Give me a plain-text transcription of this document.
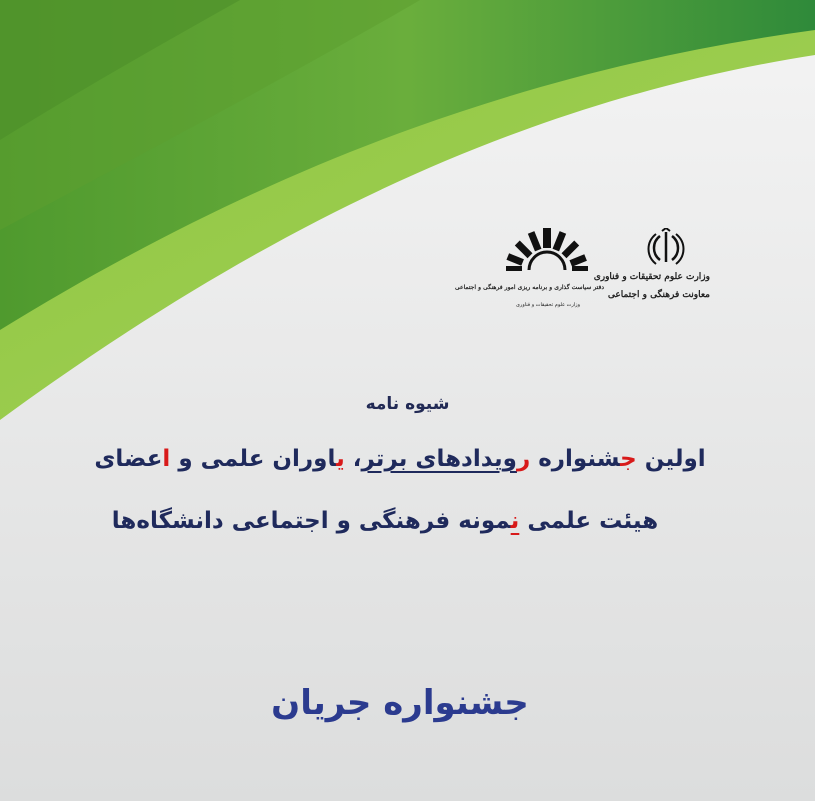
وزارت علوم تحقیقات و فناوری
معاونت فرهنگی و اجتماعی
دفتر سیاست گذاری و برنامه ریزی امور فرهنگی و اجتماعی
وزارت علوم تحقیقات و فناوری
شیوه نامه
اولین جشنواره رویدادهای برتر، یاوران علمی و اعضای
هیئت علمی نمونه فرهنگی و اجتماعی دانشگاه‌ها
جشنواره جریان
